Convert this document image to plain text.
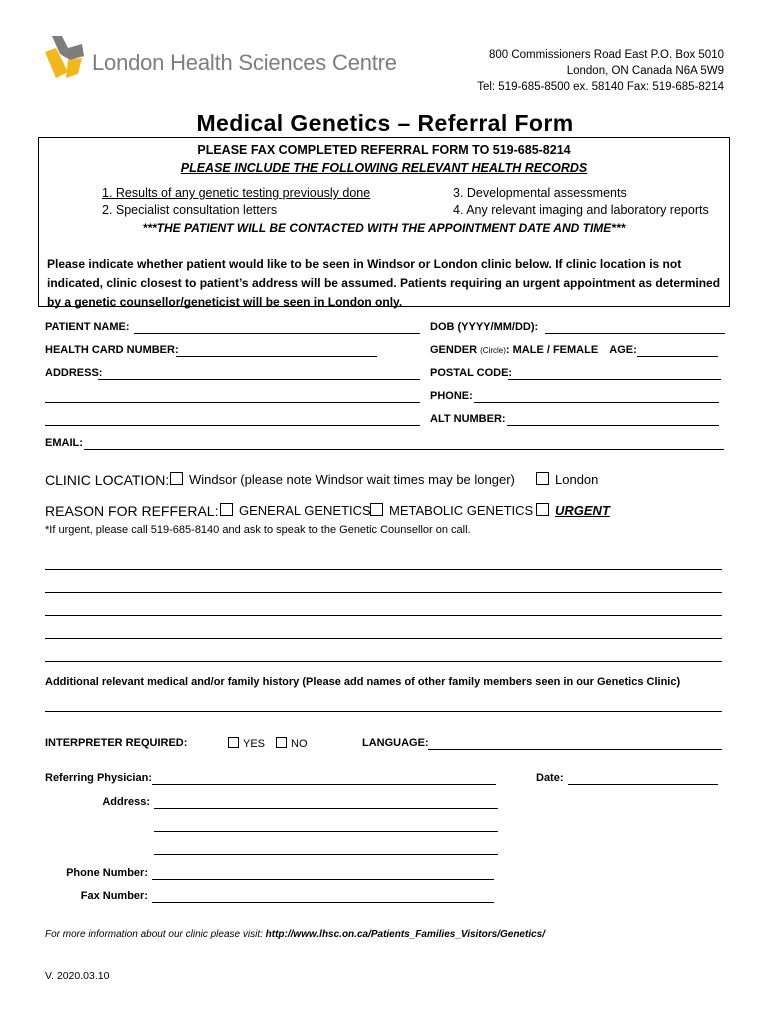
London Health Sciences Centre	800 Commissioners Road East P.O. Box 5010
London, ON Canada N6A 5W9
Tel: 519-685-8500 ex. 58140 Fax: 519-685-8214
Medical Genetics – Referral Form
PLEASE FAX COMPLETED REFERRAL FORM TO 519-685-8214
PLEASE INCLUDE THE FOLLOWING RELEVANT HEALTH RECORDS
1. Results of any genetic testing previously done
2. Specialist consultation letters
3. Developmental assessments
4. Any relevant imaging and laboratory reports
***THE PATIENT WILL BE CONTACTED WITH THE APPOINTMENT DATE AND TIME***
Please indicate whether patient would like to be seen in Windsor or London clinic below. If clinic location is not indicated, clinic closest to patient’s address will be assumed. Patients requiring an urgent appointment as determined by a genetic counsellor/geneticist will be seen in London only.
PATIENT NAME:	DOB (YYYY/MM/DD):
HEALTH CARD NUMBER:	GENDER (Circle): MALE / FEMALE AGE:
ADDRESS:	POSTAL CODE:
PHONE:
ALT NUMBER:
EMAIL:
CLINIC LOCATION:	Windsor (please note Windsor wait times may be longer)	London
REASON FOR REFFERAL:	GENERAL GENETICS	METABOLIC GENETICS	URGENT
*If urgent, please call 519-685-8140 and ask to speak to the Genetic Counsellor on call.
Additional relevant medical and/or family history (Please add names of other family members seen in our Genetics Clinic)
INTERPRETER REQUIRED:	YES	NO	LANGUAGE:
Referring Physician:	Date:
Address:
Phone Number:
Fax Number:
For more information about our clinic please visit: http://www.lhsc.on.ca/Patients_Families_Visitors/Genetics/
V. 2020.03.10
